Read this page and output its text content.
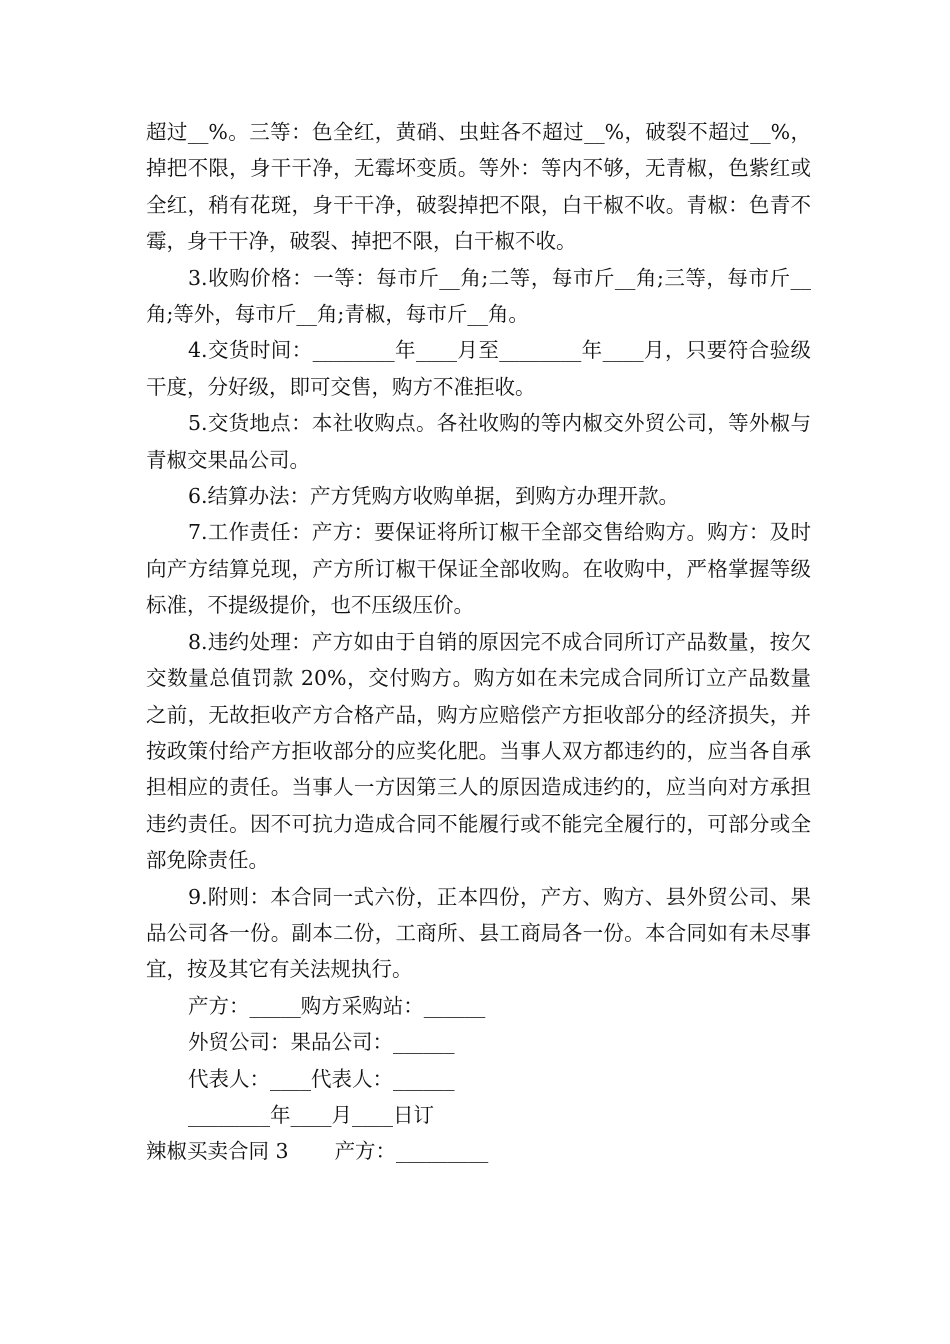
超过__%。三等：色全红，黄硝、虫蛀各不超过__%，破裂不超过__%，掉把不限，身干干净，无霉坏变质。等外：等内不够，无青椒，色紫红或全红，稍有花斑，身干干净，破裂掉把不限，白干椒不收。青椒：色青不霉，身干干净，破裂、掉把不限，白干椒不收。

3.收购价格：一等：每市斤__角;二等，每市斤__角;三等，每市斤__角;等外，每市斤__角;青椒，每市斤__角。

4.交货时间：________年____月至________年____月，只要符合验级干度，分好级，即可交售，购方不准拒收。

5.交货地点：本社收购点。各社收购的等内椒交外贸公司，等外椒与青椒交果品公司。

6.结算办法：产方凭购方收购单据，到购方办理开款。

7.工作责任：产方：要保证将所订椒干全部交售给购方。购方：及时向产方结算兑现，产方所订椒干保证全部收购。在收购中，严格掌握等级标准，不提级提价，也不压级压价。

8.违约处理：产方如由于自销的原因完不成合同所订产品数量，按欠交数量总值罚款 20%，交付购方。购方如在未完成合同所订立产品数量之前，无故拒收产方合格产品，购方应赔偿产方拒收部分的经济损失，并按政策付给产方拒收部分的应奖化肥。当事人双方都违约的，应当各自承担相应的责任。当事人一方因第三人的原因造成违约的，应当向对方承担违约责任。因不可抗力造成合同不能履行或不能完全履行的，可部分或全部免除责任。

9.附则：本合同一式六份，正本四份，产方、购方、县外贸公司、果品公司各一份。副本二份，工商所、县工商局各一份。本合同如有未尽事宜，按及其它有关法规执行。

产方：_____购方采购站：______

外贸公司：果品公司：______

代表人：____代表人：______

________年____月____日订

辣椒买卖合同 3 产方：_________
